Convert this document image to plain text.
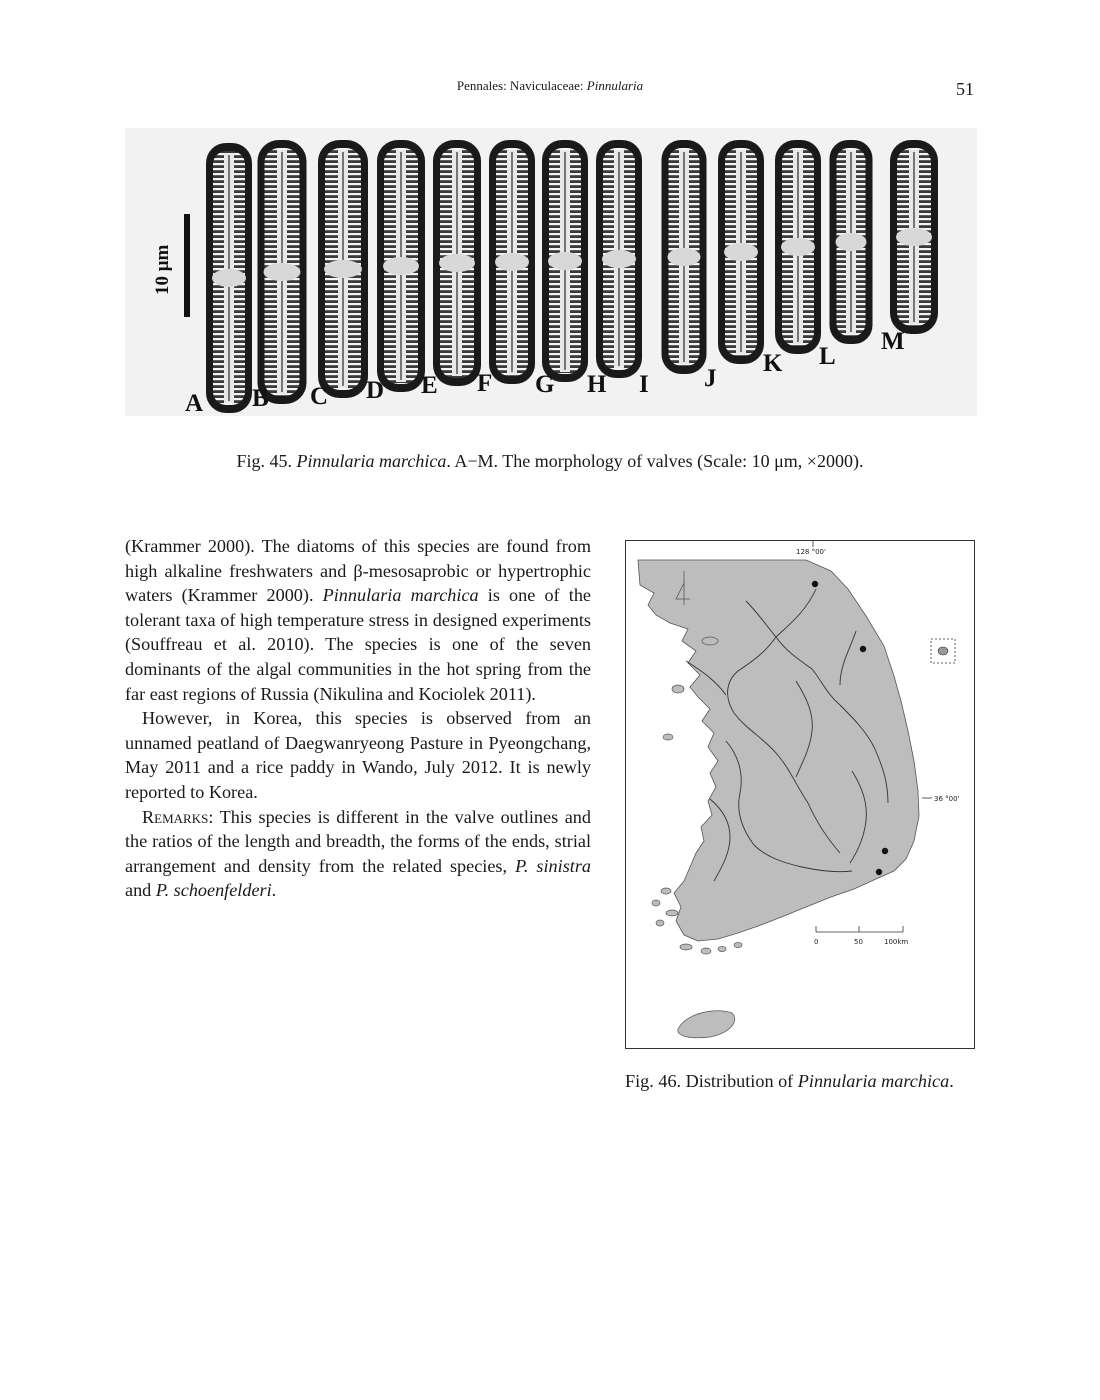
Pennales: Naviculaceae: Pinnularia	51
10 μm
A B C D E F G H I J
K L
M
Fig. 45. Pinnularia marchica. A−M. The morphology of valves (Scale: 10 μm, ×2000).

(Krammer 2000). The diatoms of this species are found from high alkaline freshwaters and β-mesosaprobic or hypertrophic waters (Krammer 2000). Pinnularia marchica is one of the tolerant taxa of high temperature stress in designed experiments (Souffreau et al. 2010). The species is one of the seven dominants of the algal communities in the hot spring from the far east regions of Russia (Nikulina and Kociolek 2011).

However, in Korea, this species is observed from an unnamed peatland of Daegwanryeong Pasture in Pyeongchang, May 2011 and a rice paddy in Wando, July 2012. It is newly reported to Korea.

Remarks: This species is different in the valve outlines and the ratios of the length and breadth, the forms of the ends, strial arrangement and density from the related species, P. sinistra and P. schoenfelderi.

128 °00'
36 °00'
0	50	100km
Fig. 46. Distribution of Pinnularia marchica.
